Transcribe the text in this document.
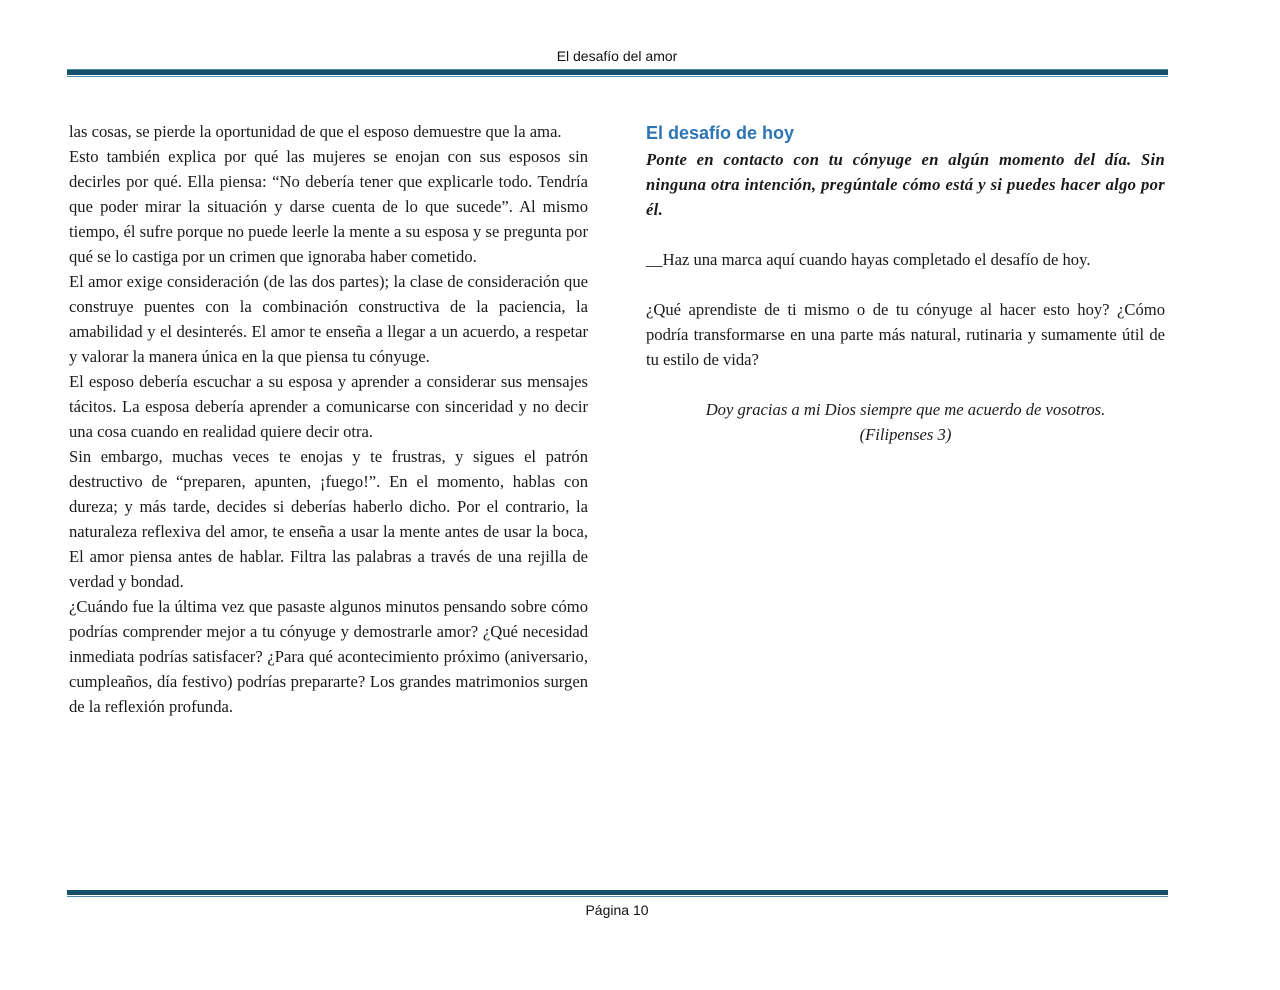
El desafío del amor

las cosas, se pierde la oportunidad de que el esposo demuestre que la ama.

Esto también explica por qué las mujeres se enojan con sus esposos sin decirles por qué. Ella piensa: “No debería tener que explicarle todo. Tendría que poder mirar la situación y darse cuenta de lo que sucede”. Al mismo tiempo, él sufre porque no puede leerle la mente a su esposa y se pregunta por qué se lo castiga por un crimen que ignoraba haber cometido.

El amor exige consideración (de las dos partes); la clase de consideración que construye puentes con la combinación constructiva de la paciencia, la amabilidad y el desinterés. El amor te enseña a llegar a un acuerdo, a respetar y valorar la manera única en la que piensa tu cónyuge.

El esposo debería escuchar a su esposa y aprender a considerar sus mensajes tácitos. La esposa debería aprender a comunicarse con sinceridad y no decir una cosa cuando en realidad quiere decir otra.

Sin embargo, muchas veces te enojas y te frustras, y sigues el patrón destructivo de “preparen, apunten, ¡fuego!”. En el momento, hablas con dureza; y más tarde, decides si deberías haberlo dicho. Por el contrario, la naturaleza reflexiva del amor, te enseña a usar la mente antes de usar la boca, El amor piensa antes de hablar. Filtra las palabras a través de una rejilla de verdad y bondad.

¿Cuándo fue la última vez que pasaste algunos minutos pensando sobre cómo podrías comprender mejor a tu cónyuge y demostrarle amor? ¿Qué necesidad inmediata podrías satisfacer? ¿Para qué acontecimiento próximo (aniversario, cumpleaños, día festivo) podrías prepararte? Los grandes matrimonios surgen de la reflexión profunda.

El desafío de hoy

Ponte en contacto con tu cónyuge en algún momento del día. Sin ninguna otra intención, pregúntale cómo está y si puedes hacer algo por él.

__Haz una marca aquí cuando hayas completado el desafío de hoy.

¿Qué aprendiste de ti mismo o de tu cónyuge al hacer esto hoy? ¿Cómo podría transformarse en una parte más natural, rutinaria y sumamente útil de tu estilo de vida?

Doy gracias a mi Dios siempre que me acuerdo de vosotros.

(Filipenses 3)

Página 10
